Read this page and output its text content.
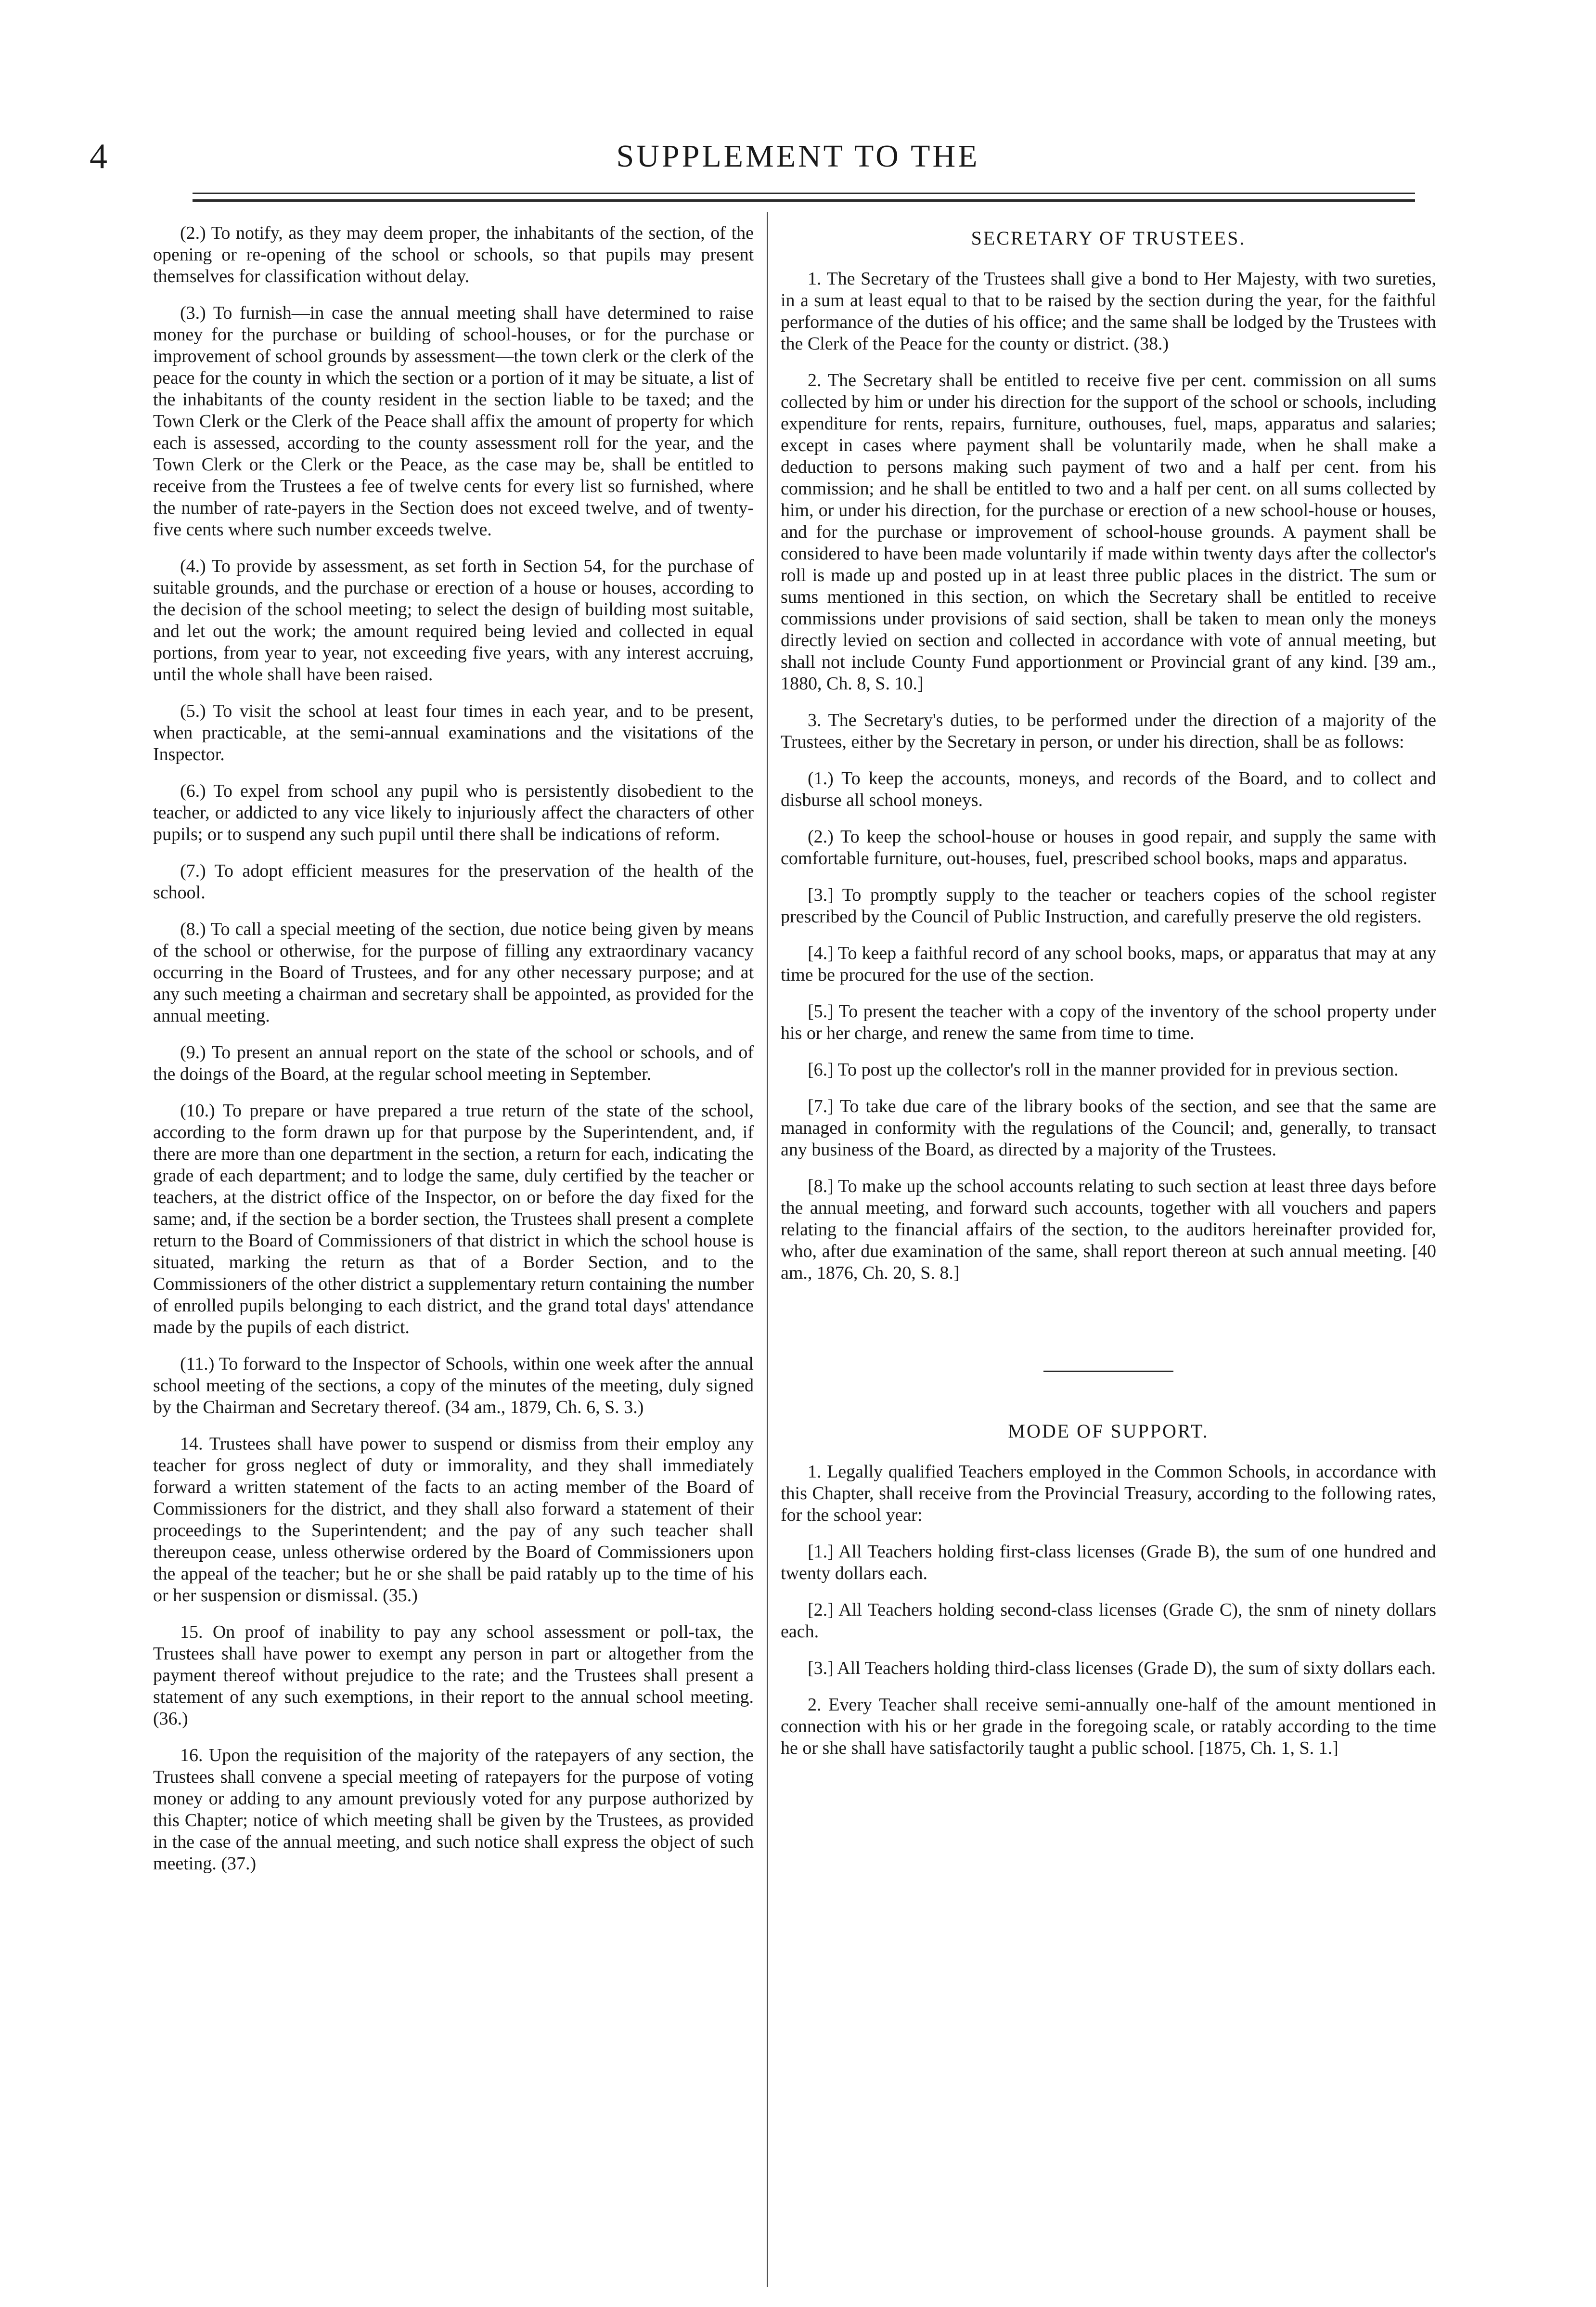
4	SUPPLEMENT TO THE

(2.) To notify, as they may deem proper, the inhabitants of the section, of the opening or re-opening of the school or schools, so that pupils may present themselves for classification without delay.

(3.) To furnish—in case the annual meeting shall have determined to raise money for the purchase or building of school-houses, or for the purchase or improvement of school grounds by assessment—the town clerk or the clerk of the peace for the county in which the section or a portion of it may be situate, a list of the inhabitants of the county resident in the section liable to be taxed; and the Town Clerk or the Clerk of the Peace shall affix the amount of property for which each is assessed, according to the county assessment roll for the year, and the Town Clerk or the Clerk or the Peace, as the case may be, shall be entitled to receive from the Trustees a fee of twelve cents for every list so furnished, where the number of rate-payers in the Section does not exceed twelve, and of twenty-five cents where such number exceeds twelve.

(4.) To provide by assessment, as set forth in Section 54, for the purchase of suitable grounds, and the purchase or erection of a house or houses, according to the decision of the school meeting; to select the design of building most suitable, and let out the work; the amount required being levied and collected in equal portions, from year to year, not exceeding five years, with any interest accruing, until the whole shall have been raised.

(5.) To visit the school at least four times in each year, and to be present, when practicable, at the semi-annual examinations and the visitations of the Inspector.

(6.) To expel from school any pupil who is persistently disobedient to the teacher, or addicted to any vice likely to injuriously affect the characters of other pupils; or to suspend any such pupil until there shall be indications of reform.

(7.) To adopt efficient measures for the preservation of the health of the school.

(8.) To call a special meeting of the section, due notice being given by means of the school or otherwise, for the purpose of filling any extraordinary vacancy occurring in the Board of Trustees, and for any other necessary purpose; and at any such meeting a chairman and secretary shall be appointed, as provided for the annual meeting.

(9.) To present an annual report on the state of the school or schools, and of the doings of the Board, at the regular school meeting in September.

(10.) To prepare or have prepared a true return of the state of the school, according to the form drawn up for that purpose by the Superintendent, and, if there are more than one department in the section, a return for each, indicating the grade of each department; and to lodge the same, duly certified by the teacher or teachers, at the district office of the Inspector, on or before the day fixed for the same; and, if the section be a border section, the Trustees shall present a complete return to the Board of Commissioners of that district in which the school house is situated, marking the return as that of a Border Section, and to the Commissioners of the other district a supplementary return containing the number of enrolled pupils belonging to each district, and the grand total days' attendance made by the pupils of each district.

(11.) To forward to the Inspector of Schools, within one week after the annual school meeting of the sections, a copy of the minutes of the meeting, duly signed by the Chairman and Secretary thereof. (34 am., 1879, Ch. 6, S. 3.)

14. Trustees shall have power to suspend or dismiss from their employ any teacher for gross neglect of duty or immorality, and they shall immediately forward a written statement of the facts to an acting member of the Board of Commissioners for the district, and they shall also forward a statement of their proceedings to the Superintendent; and the pay of any such teacher shall thereupon cease, unless otherwise ordered by the Board of Commissioners upon the appeal of the teacher; but he or she shall be paid ratably up to the time of his or her suspension or dismissal. (35.)

15. On proof of inability to pay any school assessment or poll-tax, the Trustees shall have power to exempt any person in part or altogether from the payment thereof without prejudice to the rate; and the Trustees shall present a statement of any such exemptions, in their report to the annual school meeting. (36.)

16. Upon the requisition of the majority of the ratepayers of any section, the Trustees shall convene a special meeting of ratepayers for the purpose of voting money or adding to any amount previously voted for any purpose authorized by this Chapter; notice of which meeting shall be given by the Trustees, as provided in the case of the annual meeting, and such notice shall express the object of such meeting. (37.)

SECRETARY OF TRUSTEES.

1. The Secretary of the Trustees shall give a bond to Her Majesty, with two sureties, in a sum at least equal to that to be raised by the section during the year, for the faithful performance of the duties of his office; and the same shall be lodged by the Trustees with the Clerk of the Peace for the county or district. (38.)

2. The Secretary shall be entitled to receive five per cent. commission on all sums collected by him or under his direction for the support of the school or schools, including expenditure for rents, repairs, furniture, outhouses, fuel, maps, apparatus and salaries; except in cases where payment shall be voluntarily made, when he shall make a deduction to persons making such payment of two and a half per cent. from his commission; and he shall be entitled to two and a half per cent. on all sums collected by him, or under his direction, for the purchase or erection of a new school-house or houses, and for the purchase or improvement of school-house grounds. A payment shall be considered to have been made voluntarily if made within twenty days after the collector's roll is made up and posted up in at least three public places in the district. The sum or sums mentioned in this section, on which the Secretary shall be entitled to receive commissions under provisions of said section, shall be taken to mean only the moneys directly levied on section and collected in accordance with vote of annual meeting, but shall not include County Fund apportionment or Provincial grant of any kind. [39 am., 1880, Ch. 8, S. 10.]

3. The Secretary's duties, to be performed under the direction of a majority of the Trustees, either by the Secretary in person, or under his direction, shall be as follows:

(1.) To keep the accounts, moneys, and records of the Board, and to collect and disburse all school moneys.

(2.) To keep the school-house or houses in good repair, and supply the same with comfortable furniture, out-houses, fuel, prescribed school books, maps and apparatus.

[3.] To promptly supply to the teacher or teachers copies of the school register prescribed by the Council of Public Instruction, and carefully preserve the old registers.

[4.] To keep a faithful record of any school books, maps, or apparatus that may at any time be procured for the use of the section.

[5.] To present the teacher with a copy of the inventory of the school property under his or her charge, and renew the same from time to time.

[6.] To post up the collector's roll in the manner provided for in previous section.

[7.] To take due care of the library books of the section, and see that the same are managed in conformity with the regulations of the Council; and, generally, to transact any business of the Board, as directed by a majority of the Trustees.

[8.] To make up the school accounts relating to such section at least three days before the annual meeting, and forward such accounts, together with all vouchers and papers relating to the financial affairs of the section, to the auditors hereinafter provided for, who, after due examination of the same, shall report thereon at such annual meeting. [40 am., 1876, Ch. 20, S. 8.]

MODE OF SUPPORT.

1. Legally qualified Teachers employed in the Common Schools, in accordance with this Chapter, shall receive from the Provincial Treasury, according to the following rates, for the school year:

[1.] All Teachers holding first-class licenses (Grade B), the sum of one hundred and twenty dollars each.

[2.] All Teachers holding second-class licenses (Grade C), the snm of ninety dollars each.

[3.] All Teachers holding third-class licenses (Grade D), the sum of sixty dollars each.

2. Every Teacher shall receive semi-annually one-half of the amount mentioned in connection with his or her grade in the foregoing scale, or ratably according to the time he or she shall have satisfactorily taught a public school. [1875, Ch. 1, S. 1.]
